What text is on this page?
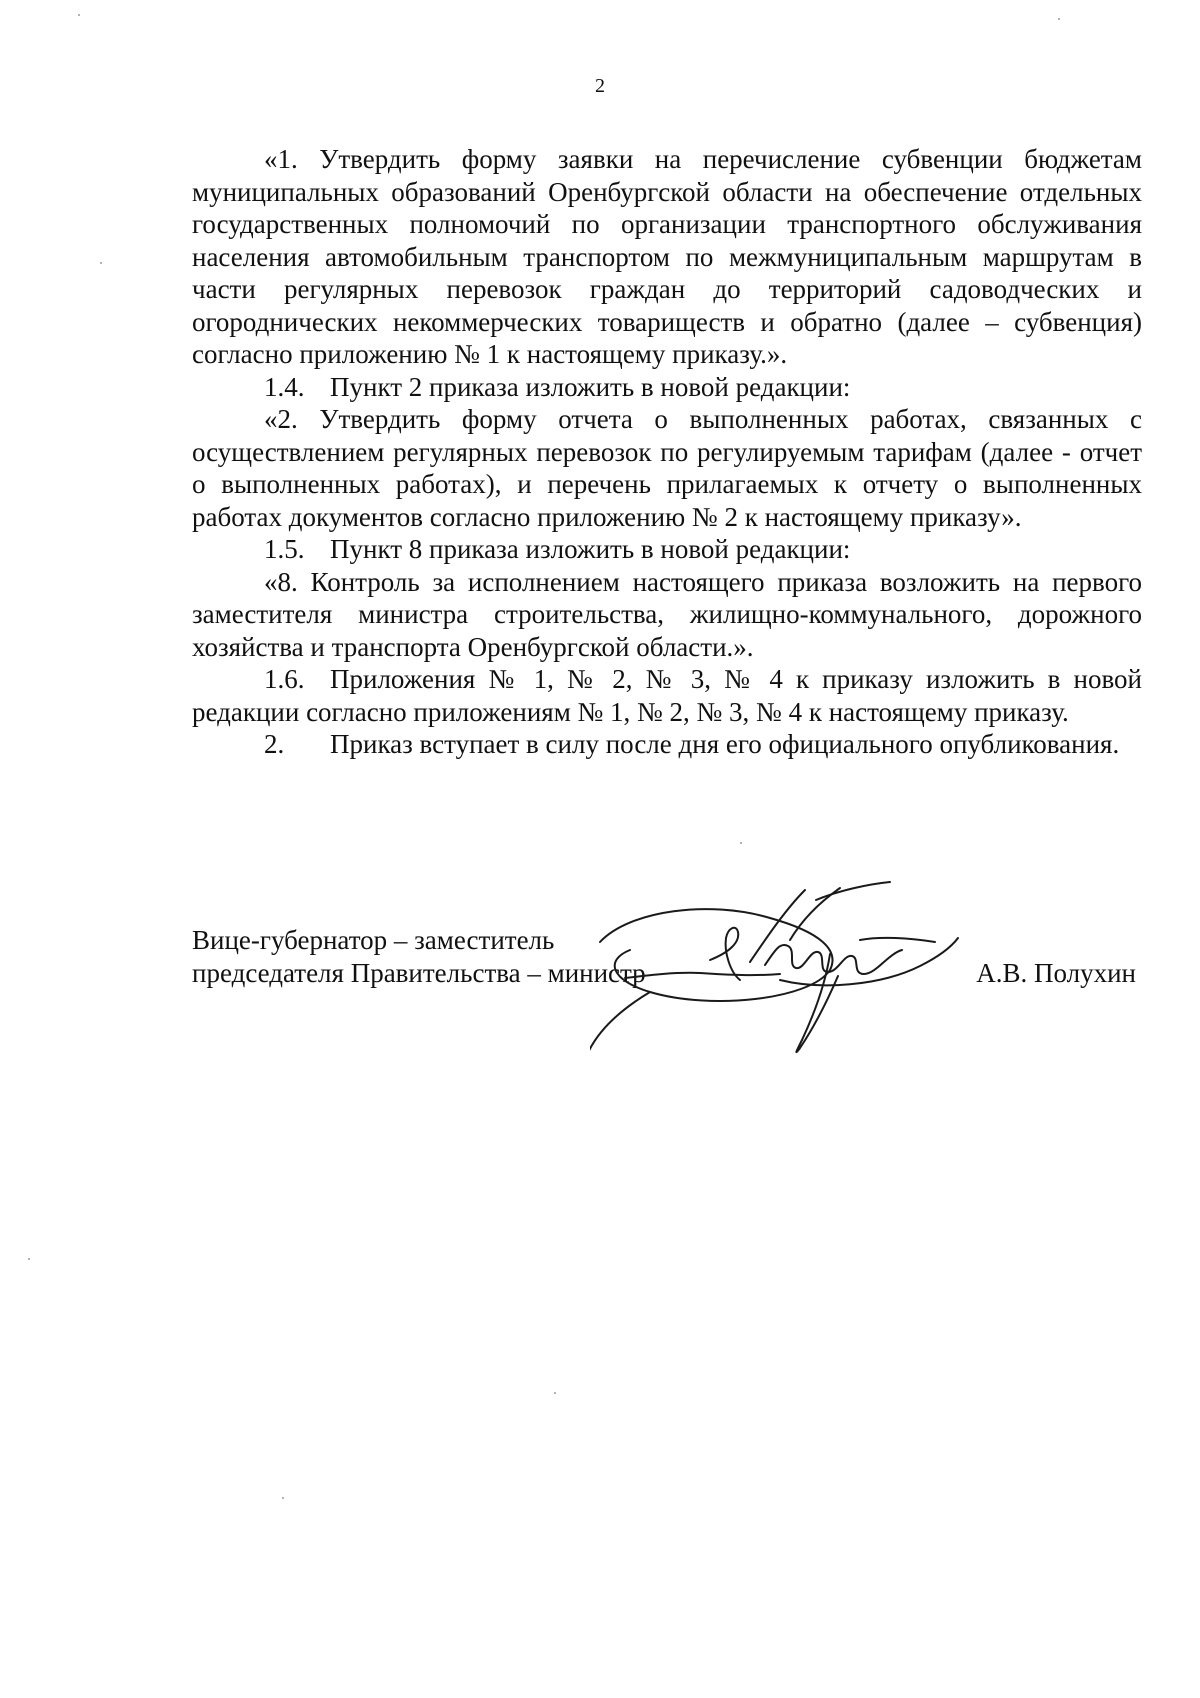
2

«1. Утвердить форму заявки на перечисление субвенции бюджетам муниципальных образований Оренбургской области на обеспечение отдельных государственных полномочий по организации транспортного обслуживания населения автомобильным транспортом по межмуниципальным маршрутам в части регулярных перевозок граждан до территорий садоводческих и огороднических некоммерческих товариществ и обратно (далее – субвенция) согласно приложению № 1 к настоящему приказу.».

1.4. Пункт 2 приказа изложить в новой редакции:

«2. Утвердить форму отчета о выполненных работах, связанных с осуществлением регулярных перевозок по регулируемым тарифам (далее - отчет о выполненных работах), и перечень прилагаемых к отчету о выполненных работах документов согласно приложению № 2 к настоящему приказу».

1.5. Пункт 8 приказа изложить в новой редакции:

«8. Контроль за исполнением настоящего приказа возложить на первого заместителя министра строительства, жилищно-коммунального, дорожного хозяйства и транспорта Оренбургской области.».

1.6. Приложения № 1, № 2, № 3, № 4 к приказу изложить в новой редакции согласно приложениям № 1, № 2, № 3, № 4 к настоящему приказу.

2. Приказ вступает в силу после дня его официального опубликования.

Вице-губернатор – заместитель
председателя Правительства – министр	А.В. Полухин
